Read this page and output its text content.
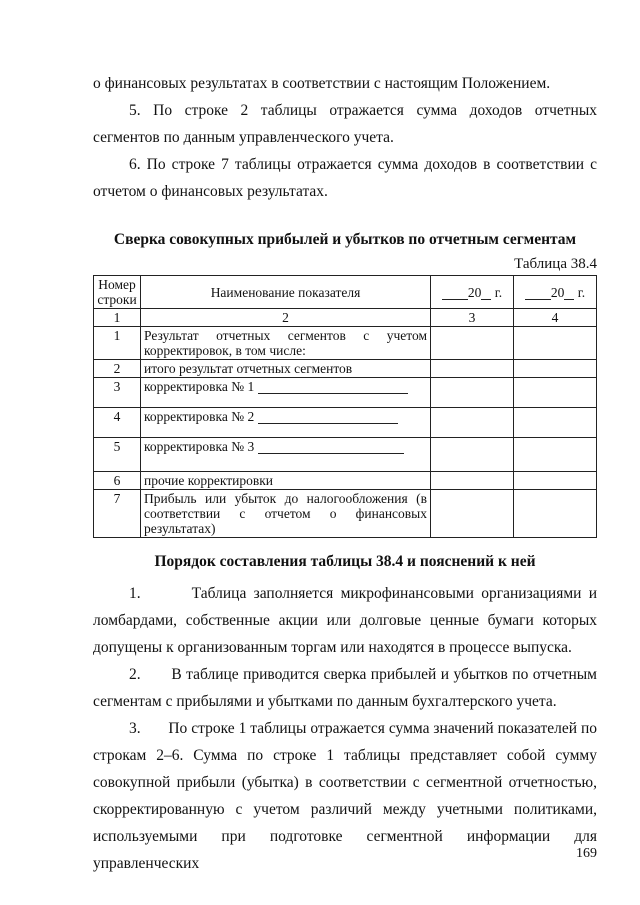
о финансовых результатах в соответствии с настоящим Положением.

5. По строке 2 таблицы отражается сумма доходов отчетных сегментов по данным управленческого учета.

6. По строке 7 таблицы отражается сумма доходов в соответствии с отчетом о финансовых результатах.

Сверка совокупных прибылей и убытков по отчетным сегментам

Таблица 38.4
Номер строки	Наименование показателя	20 г.	20 г.
1	2	3	4
1	Результат отчетных сегментов с учетом корректировок, в том числе:		
2	итого результат отчетных сегментов		
3	корректировка № 1		
4	корректировка № 2		
5	корректировка № 3		
6	прочие корректировки		
7	Прибыль или убыток до налогообложения (в соответствии с отчетом о финансовых результатах)		

Порядок составления таблицы 38.4 и пояснений к ней

1.	Таблица заполняется микрофинансовыми организациями и ломбардами, собственные акции или долговые ценные бумаги которых допущены к организованным торгам или находятся в процессе выпуска.

2. В таблице приводится сверка прибылей и убытков по отчетным сегментам с прибылями и убытками по данным бухгалтерского учета.

3. По строке 1 таблицы отражается сумма значений показателей по строкам 2–6. Сумма по строке 1 таблицы представляет собой сумму совокупной прибыли (убытка) в соответствии с сегментной отчетностью, скорректированную с учетом различий между учетными политиками, используемыми при подготовке сегментной информации для управленческих

169
